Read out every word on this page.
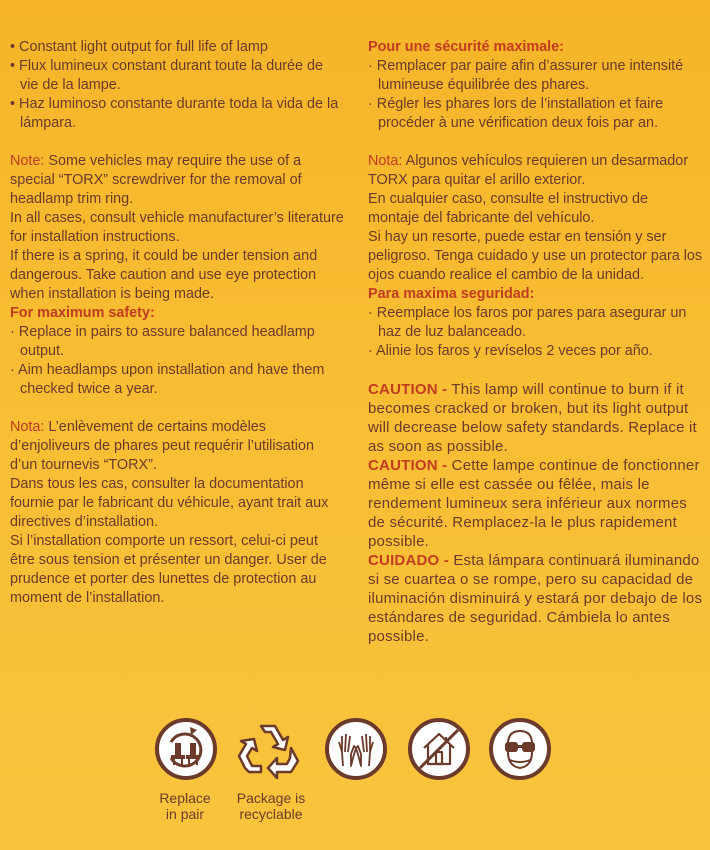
• Constant light output for full life of lamp

• Flux lumineux constant durant toute la durée de vie de la lampe.

• Haz luminoso constante durante toda la vida de la lámpara.

Note: Some vehicles may require the use of a special “TORX” screwdriver for the removal of headlamp trim ring.

In all cases, consult vehicle manufacturer’s literature for installation instructions.

If there is a spring, it could be under tension and dangerous. Take caution and use eye protection when installation is being made.

For maximum safety:

· Replace in pairs to assure balanced headlamp output.

· Aim headlamps upon installation and have them checked twice a year.

Nota: L’enlèvement de certains modèles d’enjoliveurs de phares peut requérir l’utilisation d’un tournevis “TORX”.

Dans tous les cas, consulter la documentation fournie par le fabricant du véhicule, ayant trait aux directives d’installation.

Si l’installation comporte un ressort, celui-ci peut être sous tension et présenter un danger. User de prudence et porter des lunettes de protection au moment de l’installation.

Pour une sécurité maximale:

· Remplacer par paire afin d’assurer une intensité lumineuse équilibrée des phares.

· Régler les phares lors de l’installation et faire procéder à une vérification deux fois par an.

Nota: Algunos vehículos requieren un desarmador TORX para quitar el arillo exterior.

En cualquier caso, consulte el instructivo de montaje del fabricante del vehículo.

Si hay un resorte, puede estar en tensión y ser peligroso. Tenga cuidado y use un protector para los ojos cuando realice el cambio de la unidad.

Para maxima seguridad:

· Reemplace los faros por pares para asegurar un haz de luz balanceado.

· Alinie los faros y revíselos 2 veces por año.

CAUTION - This lamp will continue to burn if it becomes cracked or broken, but its light output will decrease below safety standards. Replace it as soon as possible.

CAUTION - Cette lampe continue de fonctionner même si elle est cassée ou fêlée, mais le rendement lumineux sera inférieur aux normes de sécurité. Remplacez-la le plus rapidement possible.

CUIDADO - Esta lámpara continuará iluminando si se cuartea o se rompe, pero su capacidad de iluminación disminuirá y estará por debajo de los estándares de seguridad. Cámbiela lo antes possible.

Replace
in pair
Package is
recyclable
